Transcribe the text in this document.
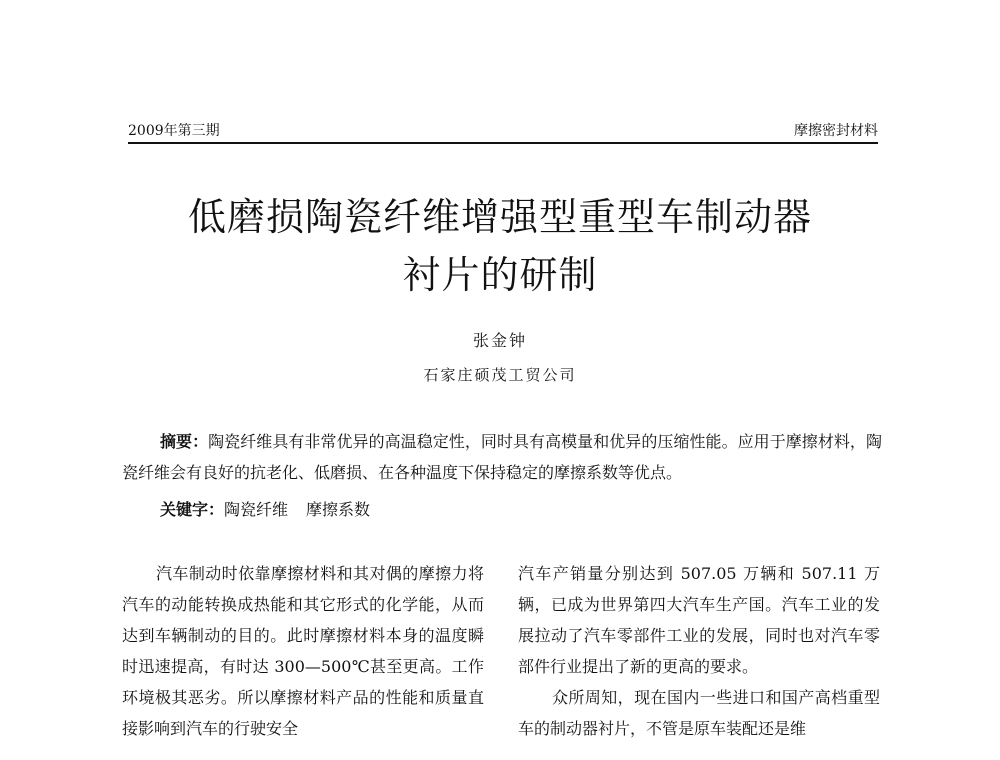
2009年第三期	摩擦密封材料
低磨损陶瓷纤维增强型重型车制动器
衬片的研制
张金钟
石家庄硕茂工贸公司
摘要：陶瓷纤维具有非常优异的高温稳定性，同时具有高模量和优异的压缩性能。应用于摩擦材料，陶瓷纤维会有良好的抗老化、低磨损、在各种温度下保持稳定的摩擦系数等优点。
关键字：陶瓷纤维 摩擦系数

汽车制动时依靠摩擦材料和其对偶的摩擦力将汽车的动能转换成热能和其它形式的化学能，从而达到车辆制动的目的。此时摩擦材料本身的温度瞬时迅速提高，有时达 300—500℃甚至更高。工作环境极其恶劣。所以摩擦材料产品的性能和质量直接影响到汽车的行驶安全

汽车产销量分别达到 507.05 万辆和 507.11 万辆，已成为世界第四大汽车生产国。汽车工业的发展拉动了汽车零部件工业的发展，同时也对汽车零部件行业提出了新的更高的要求。

众所周知，现在国内一些进口和国产高档重型车的制动器衬片，不管是原车装配还是维
